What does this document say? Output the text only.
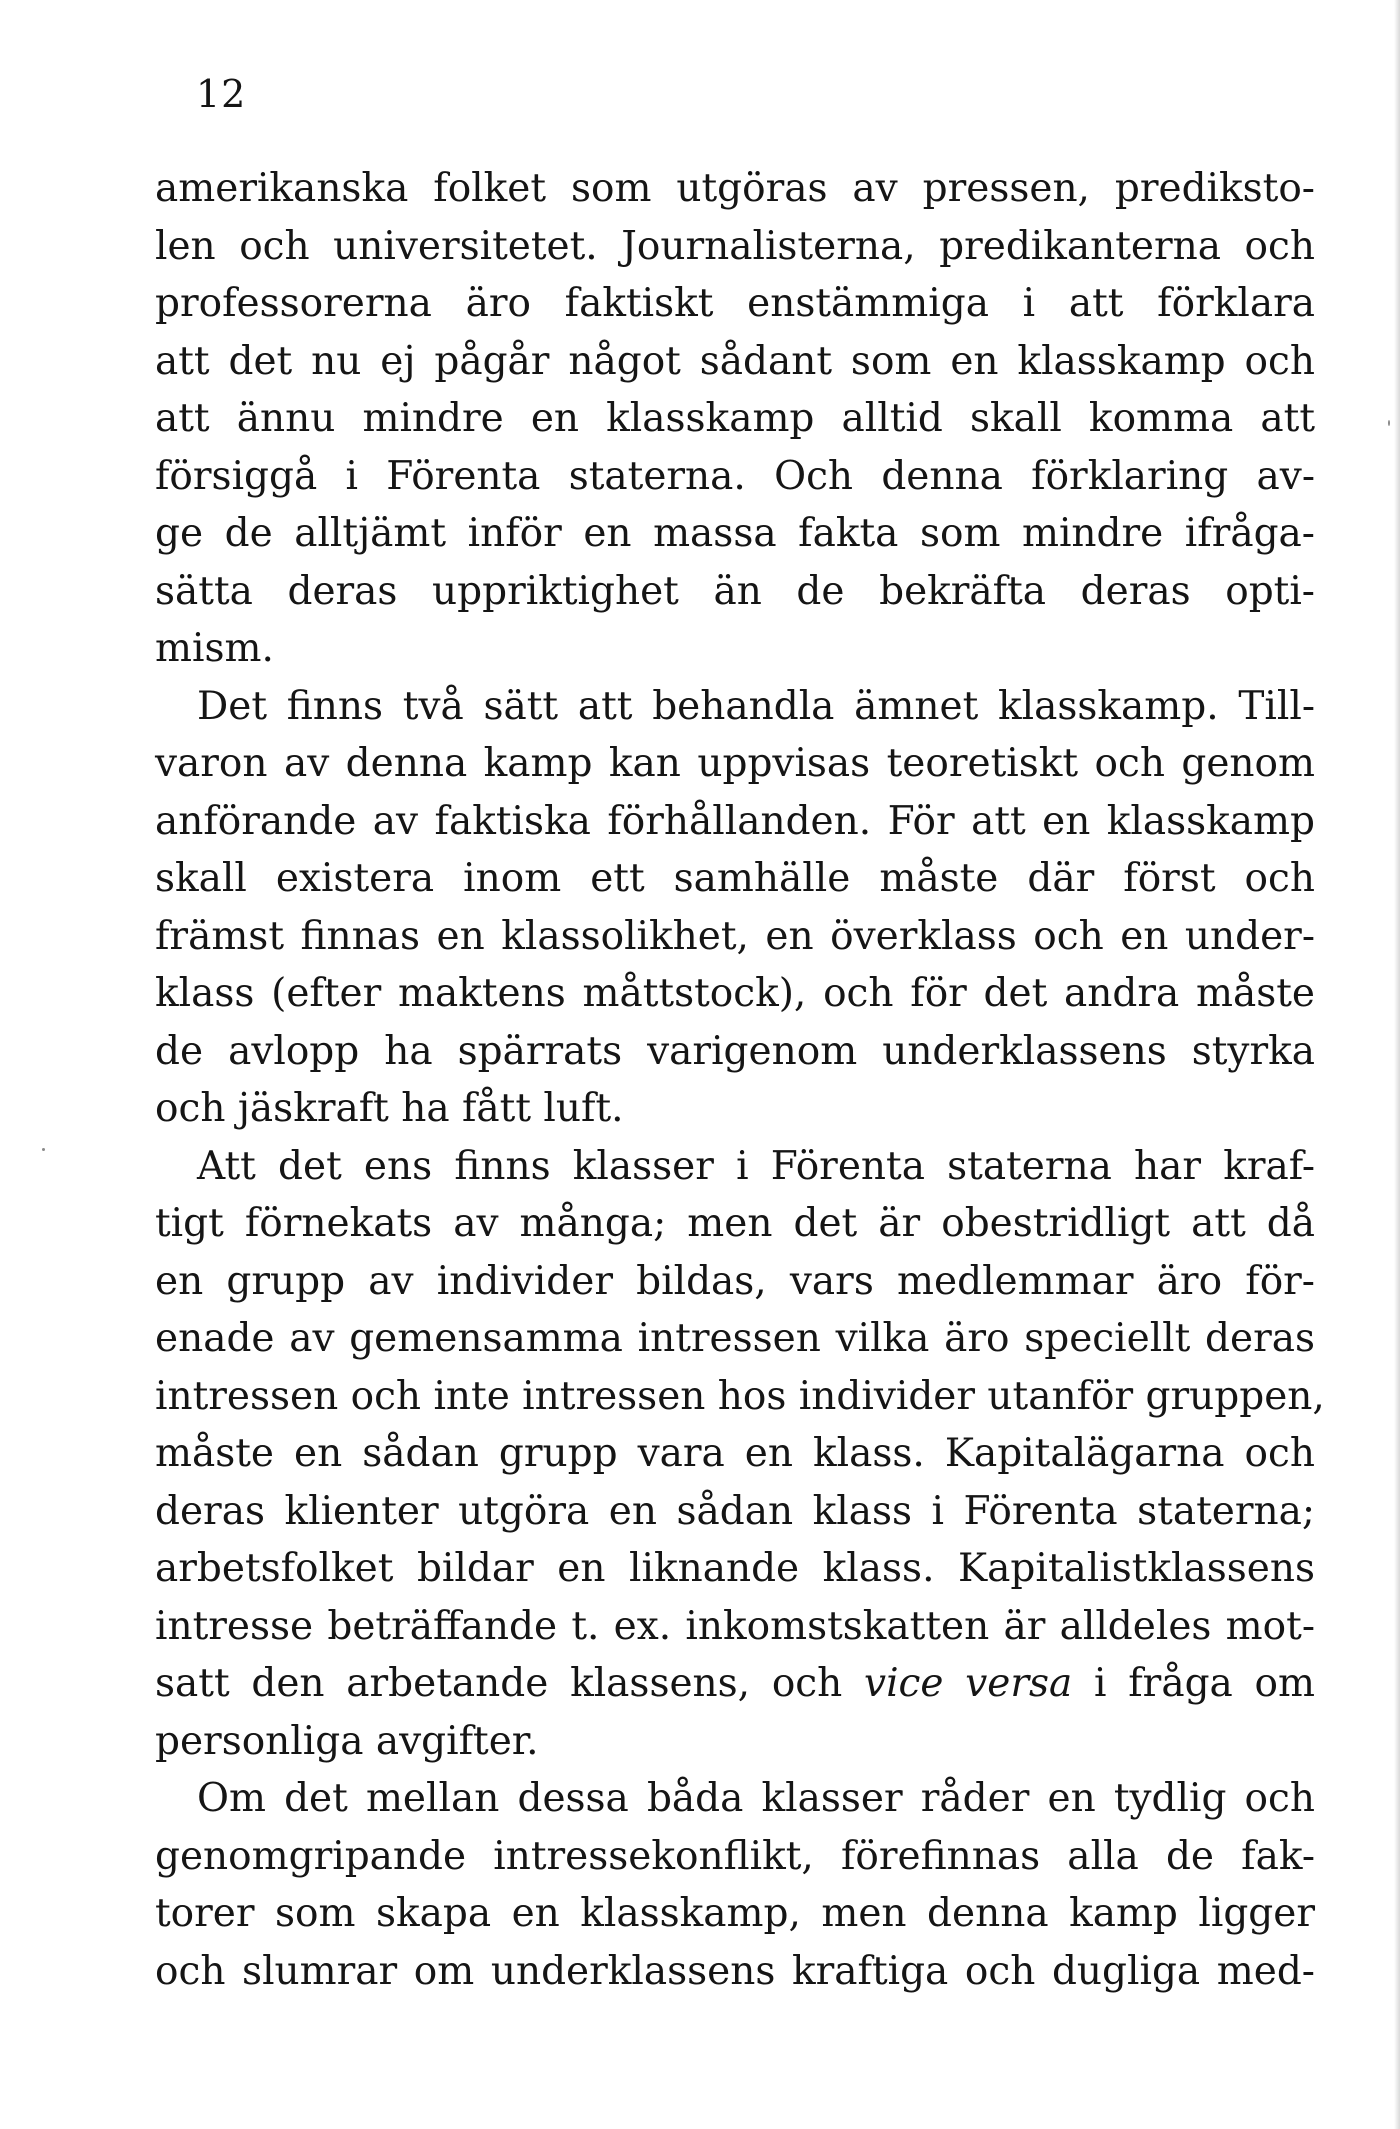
12
amerikanska folket som utgöras av pressen, prediksto-
len och universitetet. Journalisterna, predikanterna och
professorerna äro faktiskt enstämmiga i att förklara
att det nu ej pågår något sådant som en klasskamp och
att ännu mindre en klasskamp alltid skall komma att
försiggå i Förenta staterna. Och denna förklaring av-
ge de alltjämt inför en massa fakta som mindre ifråga-
sätta deras uppriktighet än de bekräfta deras opti-
mism.
Det finns två sätt att behandla ämnet klasskamp. Till-
varon av denna kamp kan uppvisas teoretiskt och genom
anförande av faktiska förhållanden. För att en klasskamp
skall existera inom ett samhälle måste där först och
främst finnas en klassolikhet, en överklass och en under-
klass (efter maktens måttstock), och för det andra måste
de avlopp ha spärrats varigenom underklassens styrka
och jäskraft ha fått luft.
Att det ens finns klasser i Förenta staterna har kraf-
tigt förnekats av många; men det är obestridligt att då
en grupp av individer bildas, vars medlemmar äro för-
enade av gemensamma intressen vilka äro speciellt deras
intressen och inte intressen hos individer utanför gruppen,
måste en sådan grupp vara en klass. Kapitalägarna och
deras klienter utgöra en sådan klass i Förenta staterna;
arbetsfolket bildar en liknande klass. Kapitalistklassens
intresse beträffande t. ex. inkomstskatten är alldeles mot-
satt den arbetande klassens, och vice versa i fråga om
personliga avgifter.
Om det mellan dessa båda klasser råder en tydlig och
genomgripande intressekonflikt, förefinnas alla de fak-
torer som skapa en klasskamp, men denna kamp ligger
och slumrar om underklassens kraftiga och dugliga med-
